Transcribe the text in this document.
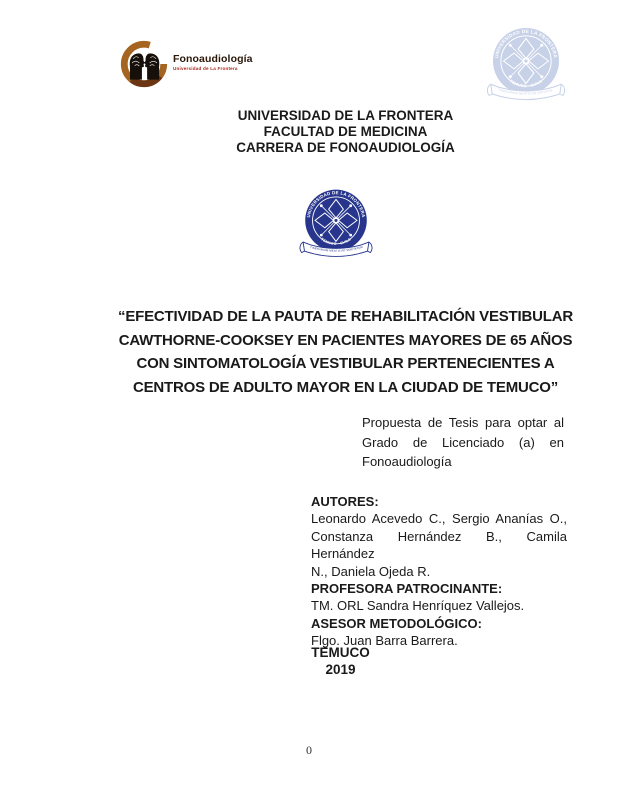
Fonoaudiología
Universidad de La Frontera
UNIVERSIDAD DE LA FRONTERA
FACULTAD DE MEDICINA
CARRERA DE FONOAUDIOLOGÍA
“EFECTIVIDAD DE LA PAUTA DE REHABILITACIÓN VESTIBULAR
CAWTHORNE-COOKSEY EN PACIENTES MAYORES DE 65 AÑOS
CON SINTOMATOLOGÍA VESTIBULAR PERTENECIENTES A
CENTROS DE ADULTO MAYOR EN LA CIUDAD DE TEMUCO”
Propuesta de Tesis para optar al
Grado de Licenciado (a) en
Fonoaudiología
AUTORES:
Leonardo Acevedo C., Sergio Ananías O.,
Constanza Hernández B., Camila Hernández
N., Daniela Ojeda R.
PROFESORA PATROCINANTE:
TM. ORL Sandra Henríquez Vallejos.
ASESOR METODOLÓGICO:
Flgo. Juan Barra Barrera.
TEMUCO
2019
0
